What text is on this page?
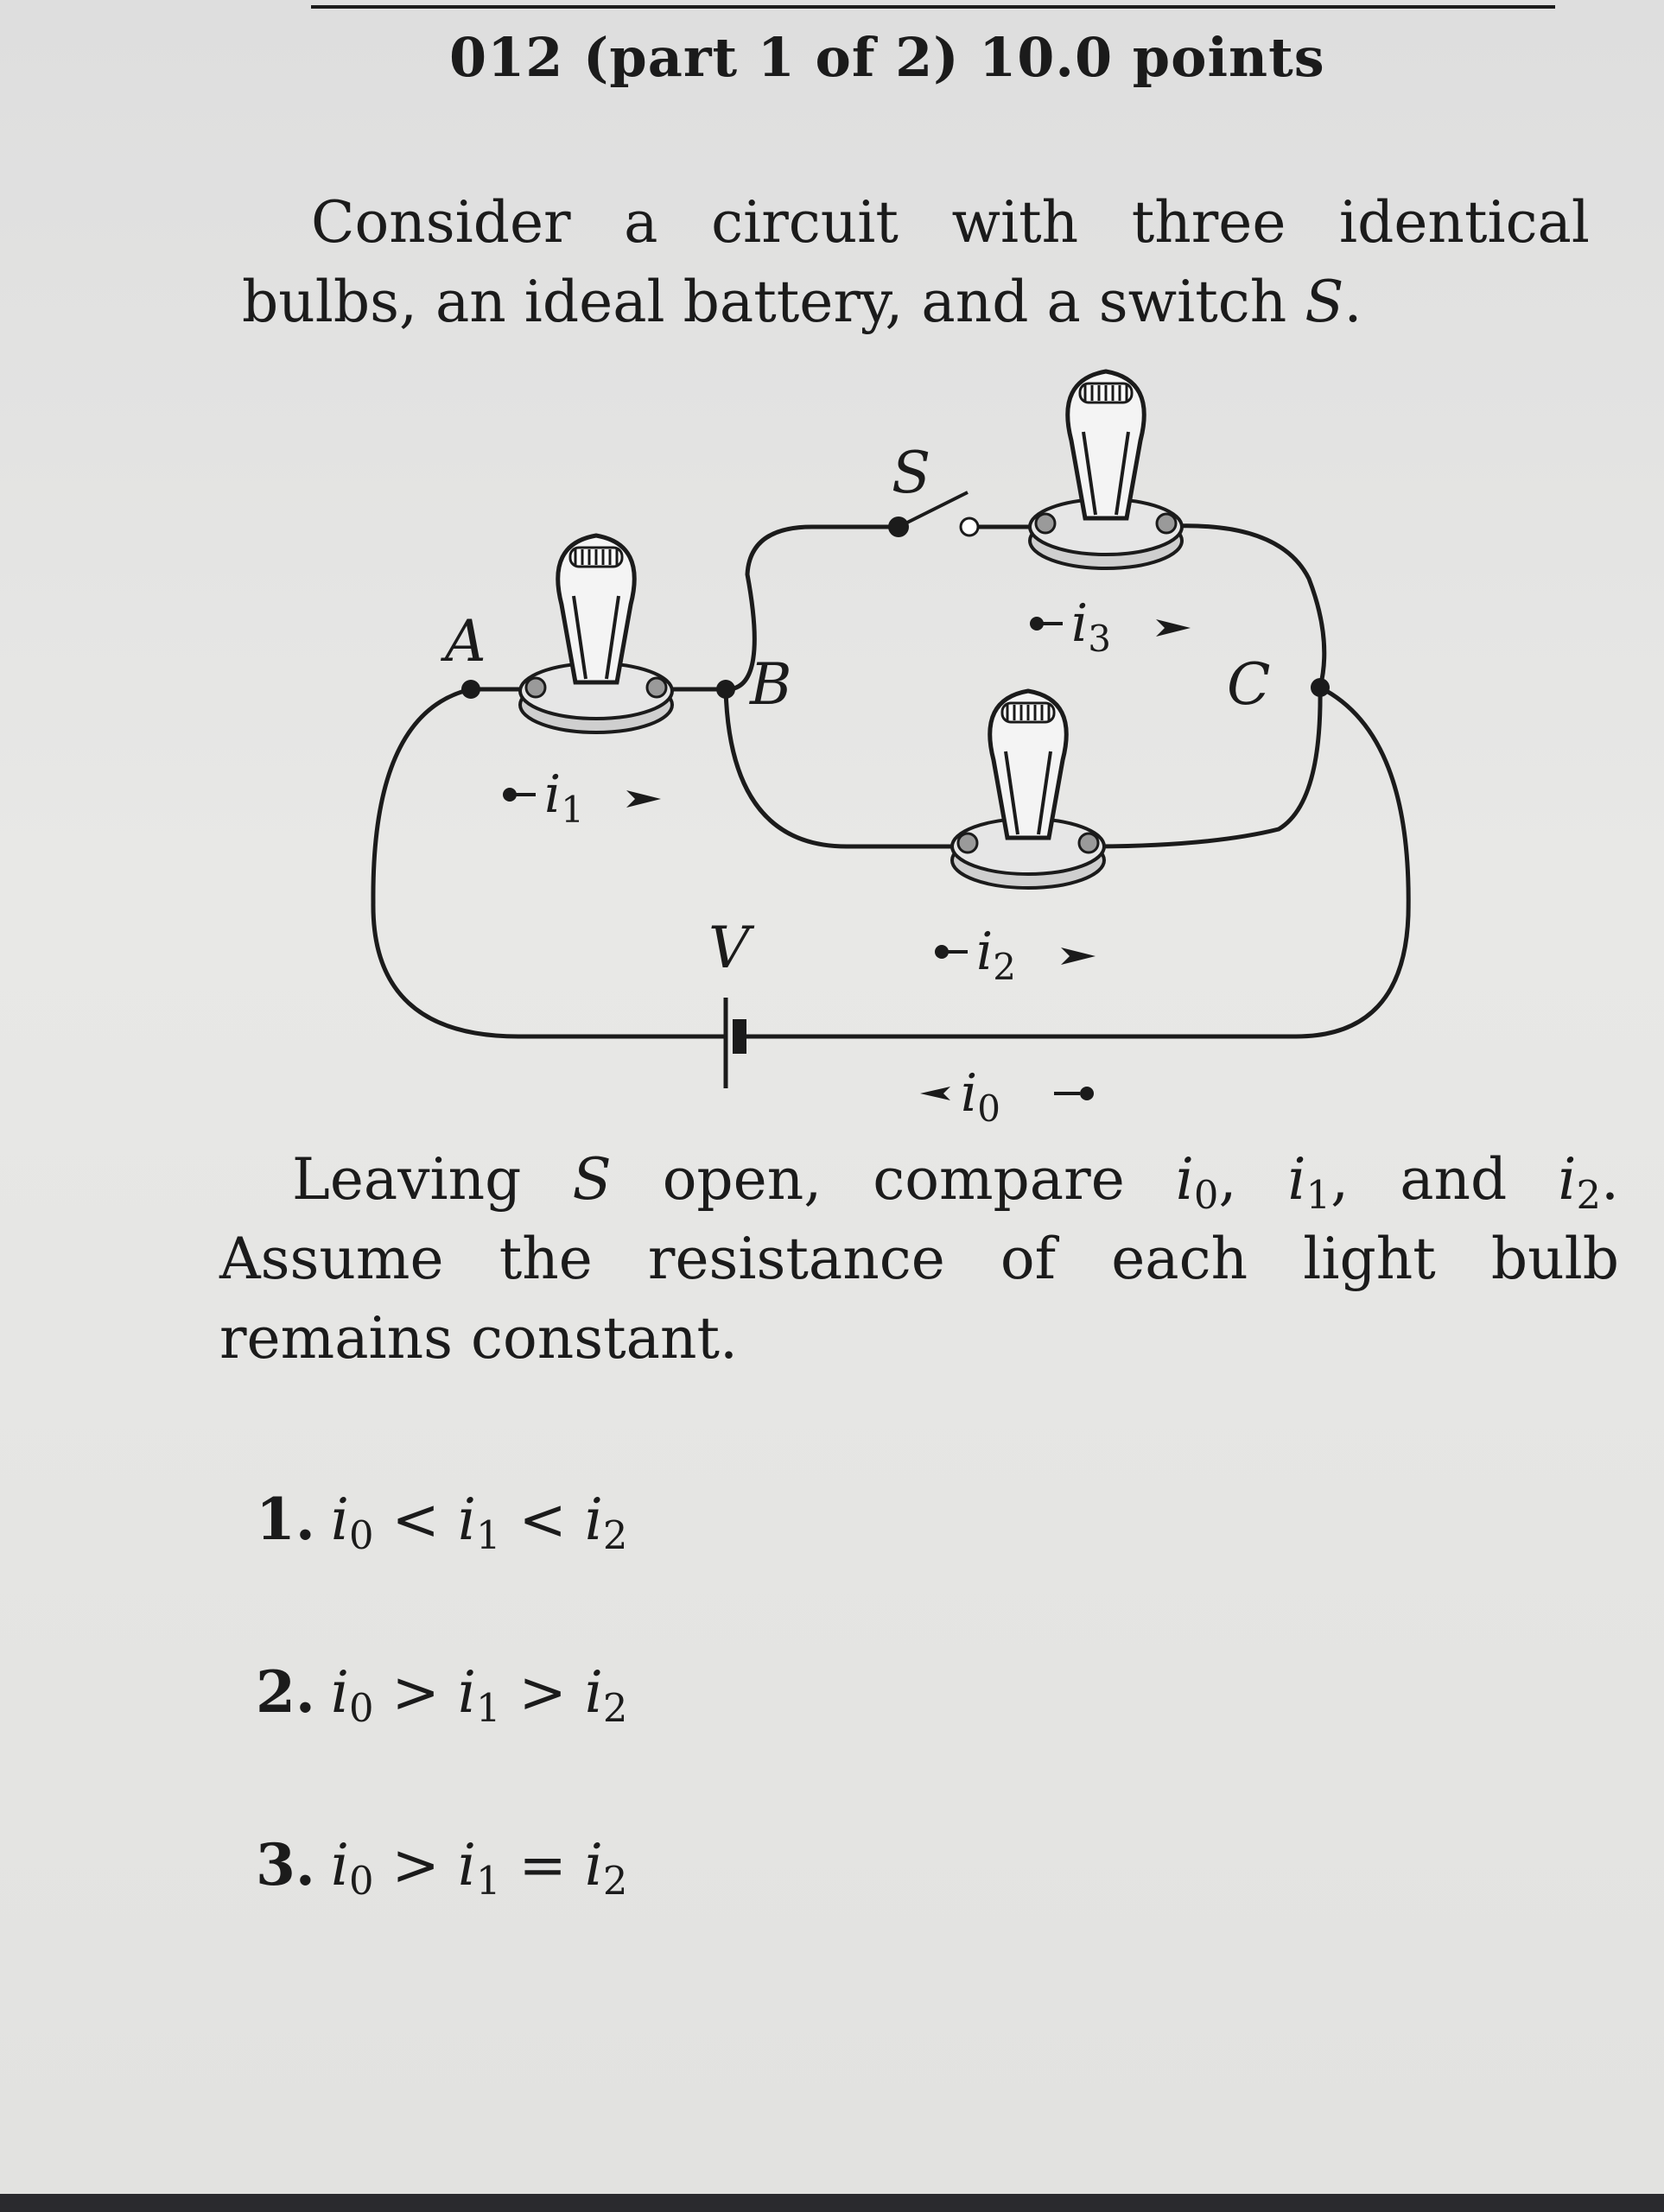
012 (part 1 of 2) 10.0 points
Consider a circuit with three identical bulbs, an ideal battery, and a switch S.
A
B	C
S
V
$i_1$
$i_3$
$i_2$
$i_0$
Leaving S open, compare $i_0$, $i_1$, and $i_2$. Assume the resistance of each light bulb remains constant.
1. $i_0 < i_1 < i_2$
2. $i_0 > i_1 > i_2$
3. $i_0 > i_1 = i_2$
